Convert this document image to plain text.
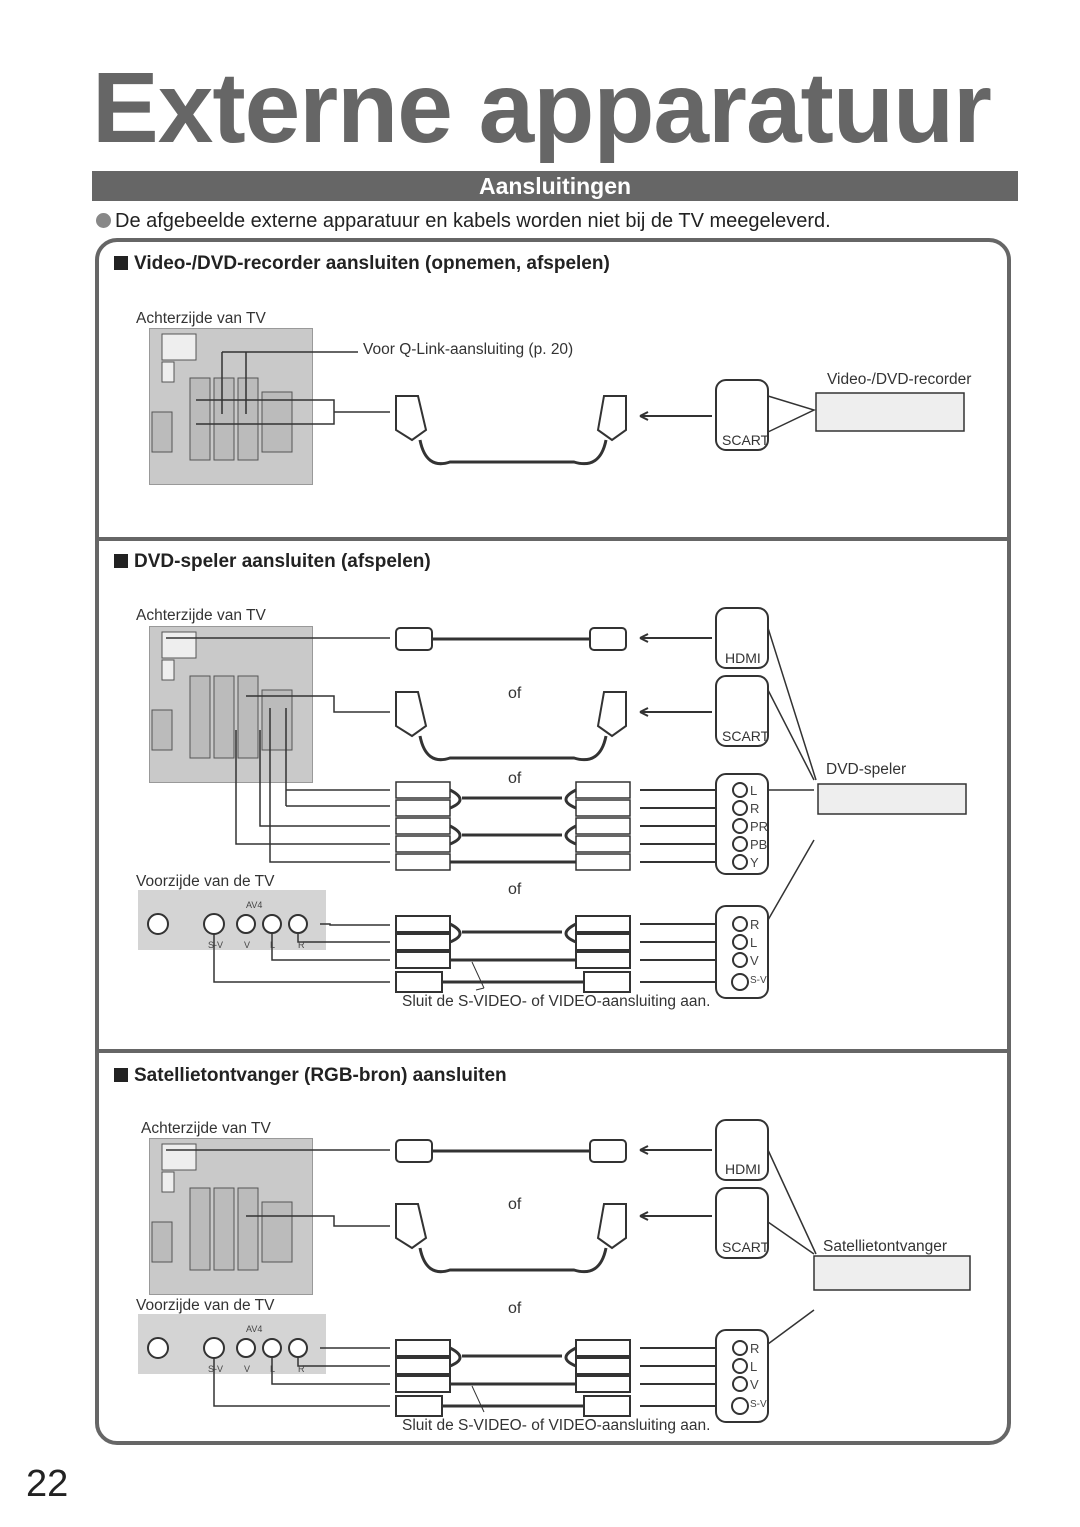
Externe apparatuur
Aansluitingen
De afgebeelde externe apparatuur en kabels worden niet bij de TV meegeleverd.
Video-/DVD-recorder aansluiten (opnemen, afspelen)
DVD-speler aansluiten (afspelen)
Satellietontvanger (RGB-bron) aansluiten
Achterzijde van TV
Voor Q-Link-aansluiting (p. 20)
Video-/DVD-recorder
SCART
Achterzijde van TV
HDMI
SCART
of
of
of
DVD-speler
L
R
PR
PB
Y
Voorzijde van de TV
R
L
V
S-V
Sluit de S-VIDEO- of VIDEO-aansluiting aan.
AV4
S-V V L	R
Achterzijde van TV
HDMI
SCART
of
of
Satellietontvanger
Voorzijde van de TV
R
L
V
S-V
Sluit de S-VIDEO- of VIDEO-aansluiting aan.
AV4
S-V V L	R
22
